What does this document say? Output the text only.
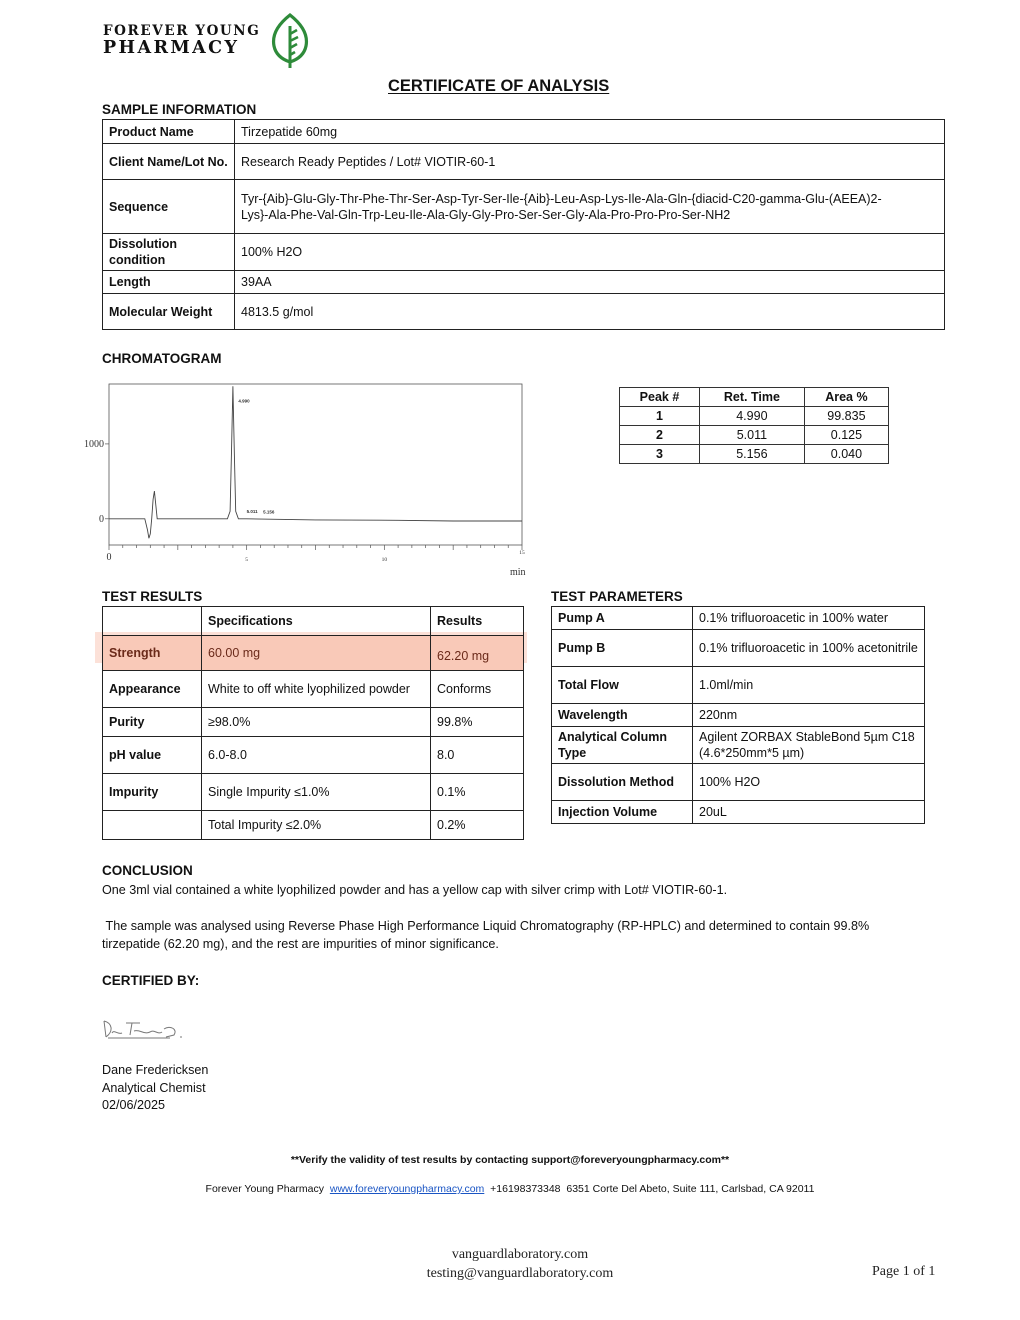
FOREVER YOUNG
PHARMACY
CERTIFICATE OF ANALYSIS
SAMPLE INFORMATION
Product Name	Tirzepatide 60mg
Client Name/Lot No.	Research Ready Peptides / Lot# VIOTIR-60-1
Sequence	Tyr-{Aib}-Glu-Gly-Thr-Phe-Thr-Ser-Asp-Tyr-Ser-Ile-{Aib}-Leu-Asp-Lys-Ile-Ala-Gln-{diacid-C20-gamma-Glu-(AEEA)2-Lys}-Ala-Phe-Val-Gln-Trp-Leu-Ile-Ala-Gly-Gly-Pro-Ser-Ser-Gly-Ala-Pro-Pro-Pro-Ser-NH2
Dissolution condition	100% H2O
Length	39AA
Molecular Weight	4813.5 g/mol
CHROMATOGRAM
0	5	10
15
0
1000
min
4.990
5.011 5.156
Peak #	Ret. Time	Area %
1	4.990	99.835
2	5.011	0.125
3	5.156	0.040
TEST RESULTS
	Specifications	Results
Strength	60.00 mg	62.20 mg
Appearance	White to off white lyophilized powder	Conforms
Purity	≥98.0%	99.8%
pH value	6.0-8.0	8.0
Impurity	Single Impurity ≤1.0%	0.1%
	Total Impurity ≤2.0%	0.2%
TEST PARAMETERS
Pump A	0.1% trifluoroacetic in 100% water
Pump B	0.1% trifluoroacetic in 100% acetonitrile
Total Flow	1.0ml/min
Wavelength	220nm
Analytical Column Type	Agilent ZORBAX StableBond 5µm C18 (4.6*250mm*5 µm)
Dissolution Method	100% H2O
Injection Volume	20uL
CONCLUSION
One 3ml vial contained a white lyophilized powder and has a yellow cap with silver crimp with Lot# VIOTIR-60-1.
The sample was analysed using Reverse Phase High Performance Liquid Chromatography (RP-HPLC) and determined to contain 99.8% tirzepatide (62.20 mg), and the rest are impurities of minor significance.
CERTIFIED BY:
Dane Fredericksen
Analytical Chemist
02/06/2025
**Verify the validity of test results by contacting support@foreveryoungpharmacy.com**
Forever Young Pharmacy www.foreveryoungpharmacy.com +16198373348 6351 Corte Del Abeto, Suite 111, Carlsbad, CA 92011
vanguardlaboratory.com
testing@vanguardlaboratory.com	Page 1 of 1
